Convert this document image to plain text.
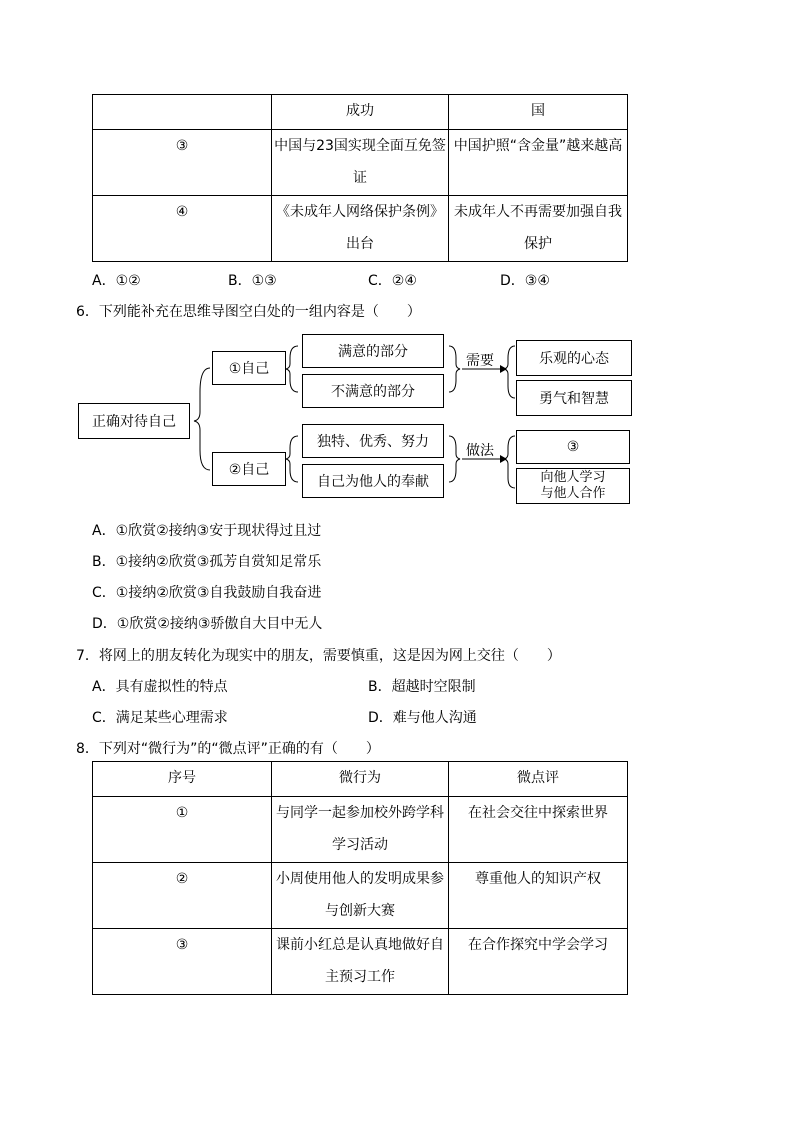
	成功	国
③	中国与23国实现全面互免签证	中国护照“含金量”越来越高
④	《未成年人网络保护条例》出台	未成年人不再需要加强自我保护
A．①②	B．①③	C．②④	D．③④
6．下列能补充在思维导图空白处的一组内容是（　　）
正确对待自己
①自己
②自己
满意的部分
不满意的部分
独特、优秀、努力
自己为他人的奉献
需要
做法
乐观的心态
勇气和智慧
③
向他人学习与他人合作
A．①欣赏②接纳③安于现状得过且过
B．①接纳②欣赏③孤芳自赏知足常乐
C．①接纳②欣赏③自我鼓励自我奋进
D．①欣赏②接纳③骄傲自大目中无人
7．将网上的朋友转化为现实中的朋友，需要慎重，这是因为网上交往（　　）
A．具有虚拟性的特点	B．超越时空限制
C．满足某些心理需求	D．难与他人沟通
8．下列对“微行为”的“微点评”正确的有（　　）
序号	微行为	微点评
①	与同学一起参加校外跨学科学习活动	在社会交往中探索世界
②	小周使用他人的发明成果参与创新大赛	尊重他人的知识产权
③	课前小红总是认真地做好自主预习工作	在合作探究中学会学习
